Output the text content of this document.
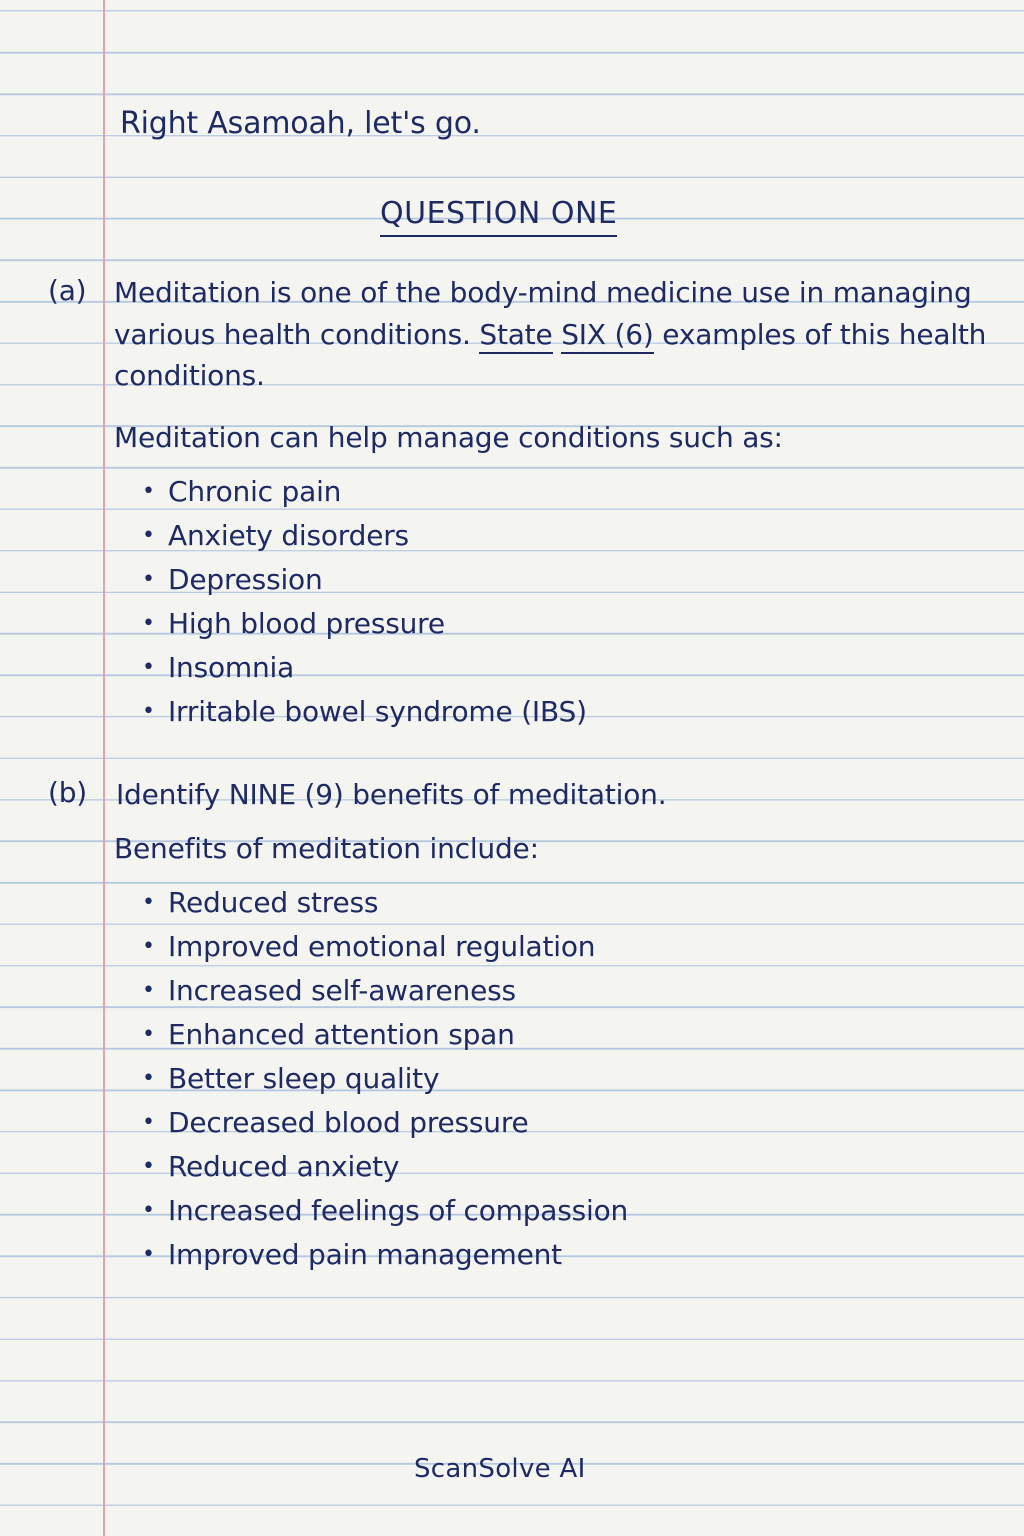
Right Asamoah, let's go.
QUESTION ONE
(a) Meditation is one of the body-mind medicine use in managing
various health conditions. State SIX (6) examples of this health
conditions.
Meditation can help manage conditions such as:
• Chronic pain
• Anxiety disorders
• Depression
• High blood pressure
• Insomnia
• Irritable bowel syndrome (IBS)
(b) Identify NINE (9) benefits of meditation.
Benefits of meditation include:
• Reduced stress
• Improved emotional regulation
• Increased self-awareness
• Enhanced attention span
• Better sleep quality
• Decreased blood pressure
• Reduced anxiety
• Increased feelings of compassion
• Improved pain management
ScanSolve AI
